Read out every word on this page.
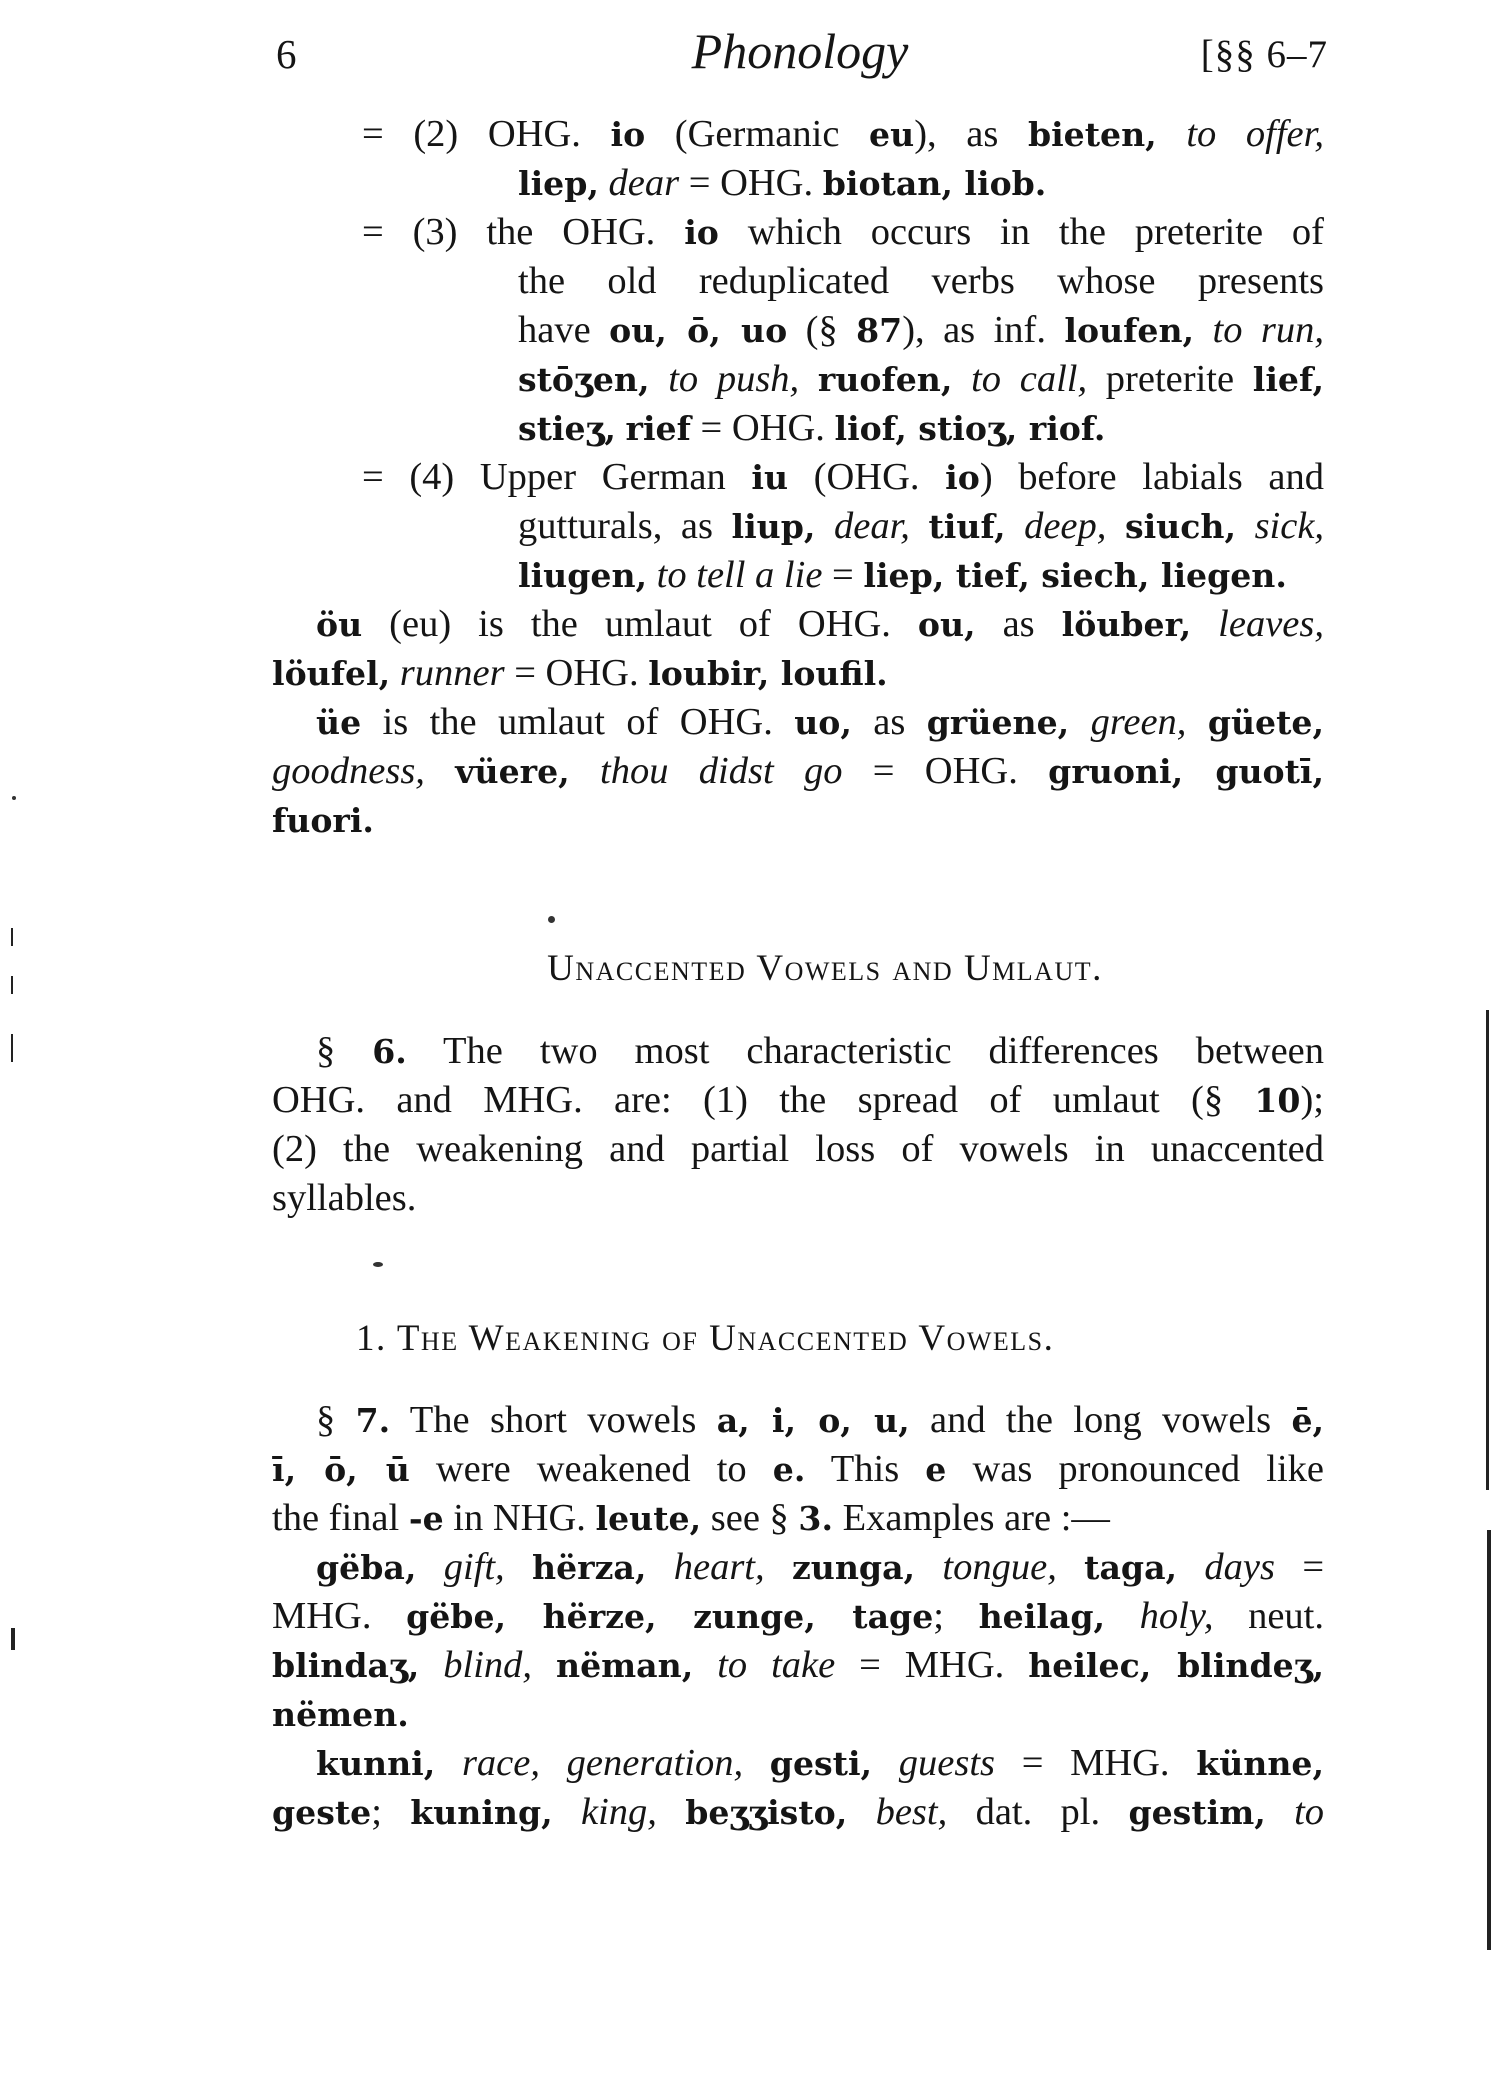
6	Phonology	[§§ 6–7
= (2) OHG. io (Germanic eu), as bieten, to offer,
liep, dear = OHG. biotan, liob.
= (3) the OHG. io which occurs in the preterite of
the old reduplicated verbs whose presents
have ou, ō, uo (§ 87), as inf. loufen, to run,
stōʒen, to push, ruofen, to call, preterite lief,
stieʒ, rief = OHG. liof, stioʒ, riof.
= (4) Upper German iu (OHG. io) before labials and
gutturals, as liup, dear, tiuf, deep, siuch, sick,
liugen, to tell a lie = liep, tief, siech, liegen.
öu (eu) is the umlaut of OHG. ou, as löuber, leaves,
löufel, runner = OHG. loubir, loufil.
üe is the umlaut of OHG. uo, as grüene, green, güete,
goodness, vüere, thou didst go = OHG. gruoni, guotī,
fuori.
Unaccented Vowels and Umlaut.
§ 6. The two most characteristic differences between
OHG. and MHG. are: (1) the spread of umlaut (§ 10);
(2) the weakening and partial loss of vowels in unaccented
syllables.
1. The Weakening of Unaccented Vowels.
§ 7. The short vowels a, i, o, u, and the long vowels ē,
ī, ō, ū were weakened to e. This e was pronounced like
the final -e in NHG. leute, see § 3. Examples are :—
gëba, gift, hërza, heart, zunga, tongue, taga, days =
MHG. gëbe, hërze, zunge, tage; heilag, holy, neut.
blindaʒ, blind, nëman, to take = MHG. heilec, blindeʒ,
nëmen.
kunni, race, generation, gesti, guests = MHG. künne,
geste; kuning, king, beʒʒisto, best, dat. pl. gestim, to
